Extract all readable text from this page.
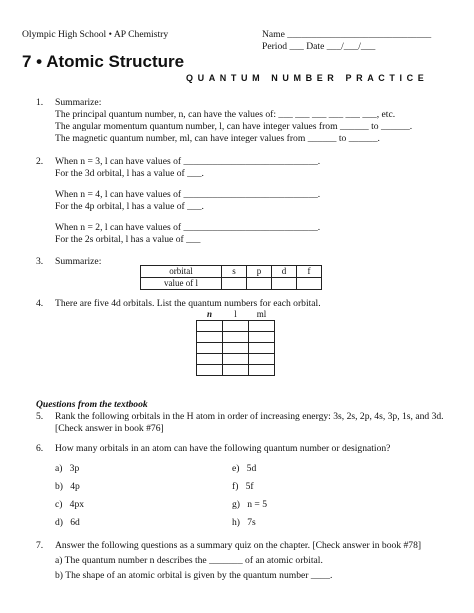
Olympic High School • AP Chemistry	Name ______________________________
Period ___ Date ___/___/___
7 • Atomic Structure
QUANTUM NUMBER PRACTICE
1. Summarize:
The principal quantum number, n, can have the values of: ___ ___ ___ ___ ___ ___, etc.
The angular momentum quantum number, l, can have integer values from ______ to ______.
The magnetic quantum number, ml, can have integer values from ______ to ______.
2. When n = 3, l can have values of ____________________________.
For the 3d orbital, l has a value of ___.
When n = 4, l can have values of ____________________________.
For the 4p orbital, l has a value of ___.
When n = 2, l can have values of ____________________________.
For the 2s orbital, l has a value of ___
3. Summarize:
orbital	s	p	d	f
value of l				
4. There are five 4d orbitals. List the quantum numbers for each orbital.
n	l	ml

Questions from the textbook
5. Rank the following orbitals in the H atom in order of increasing energy: 3s, 2s, 2p, 4s, 3p, 1s, and 3d.
[Check answer in book #76]
6. How many orbitals in an atom can have the following quantum number or designation?
a) 3p	e) 5d
b) 4p	f) 5f
c) 4px	g) n = 5
d) 6d	h) 7s
7. Answer the following questions as a summary quiz on the chapter. [Check answer in book #78]
a) The quantum number n describes the _______ of an atomic orbital.
b) The shape of an atomic orbital is given by the quantum number ____.
